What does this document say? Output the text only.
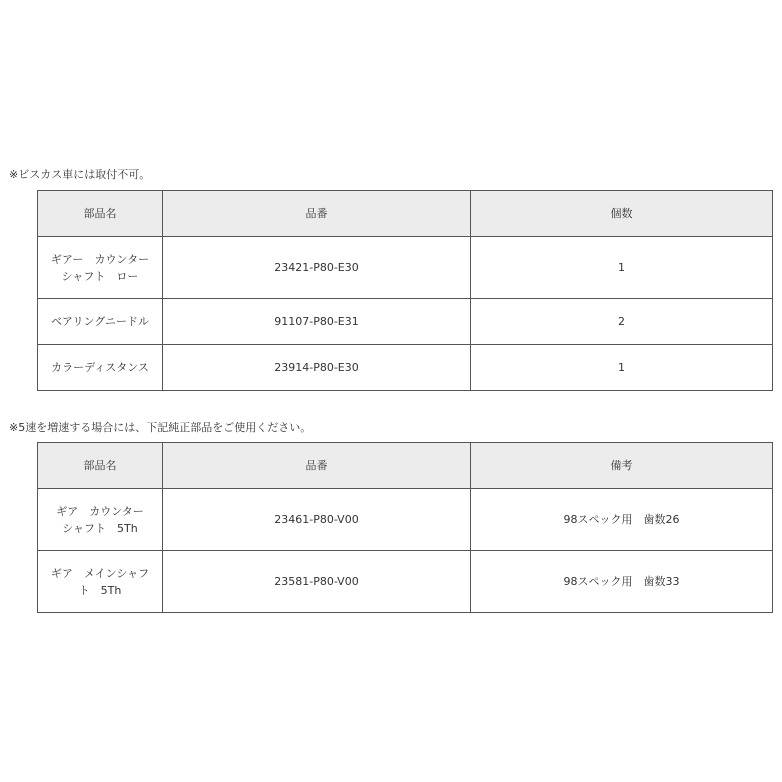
※ビスカス車には取付不可。
部品名	品番	個数
ギアー　カウンター
シャフト　ロー	23421-P80-E30	1
ベアリングニードル	91107-P80-E31	2
カラーディスタンス	23914-P80-E30	1
※5速を増速する場合には、下記純正部品をご使用ください。
部品名	品番	備考
ギア　カウンター
シャフト　5Th	23461-P80-V00	98スペック用　歯数26
ギア　メインシャフ
ト　5Th	23581-P80-V00	98スペック用　歯数33
